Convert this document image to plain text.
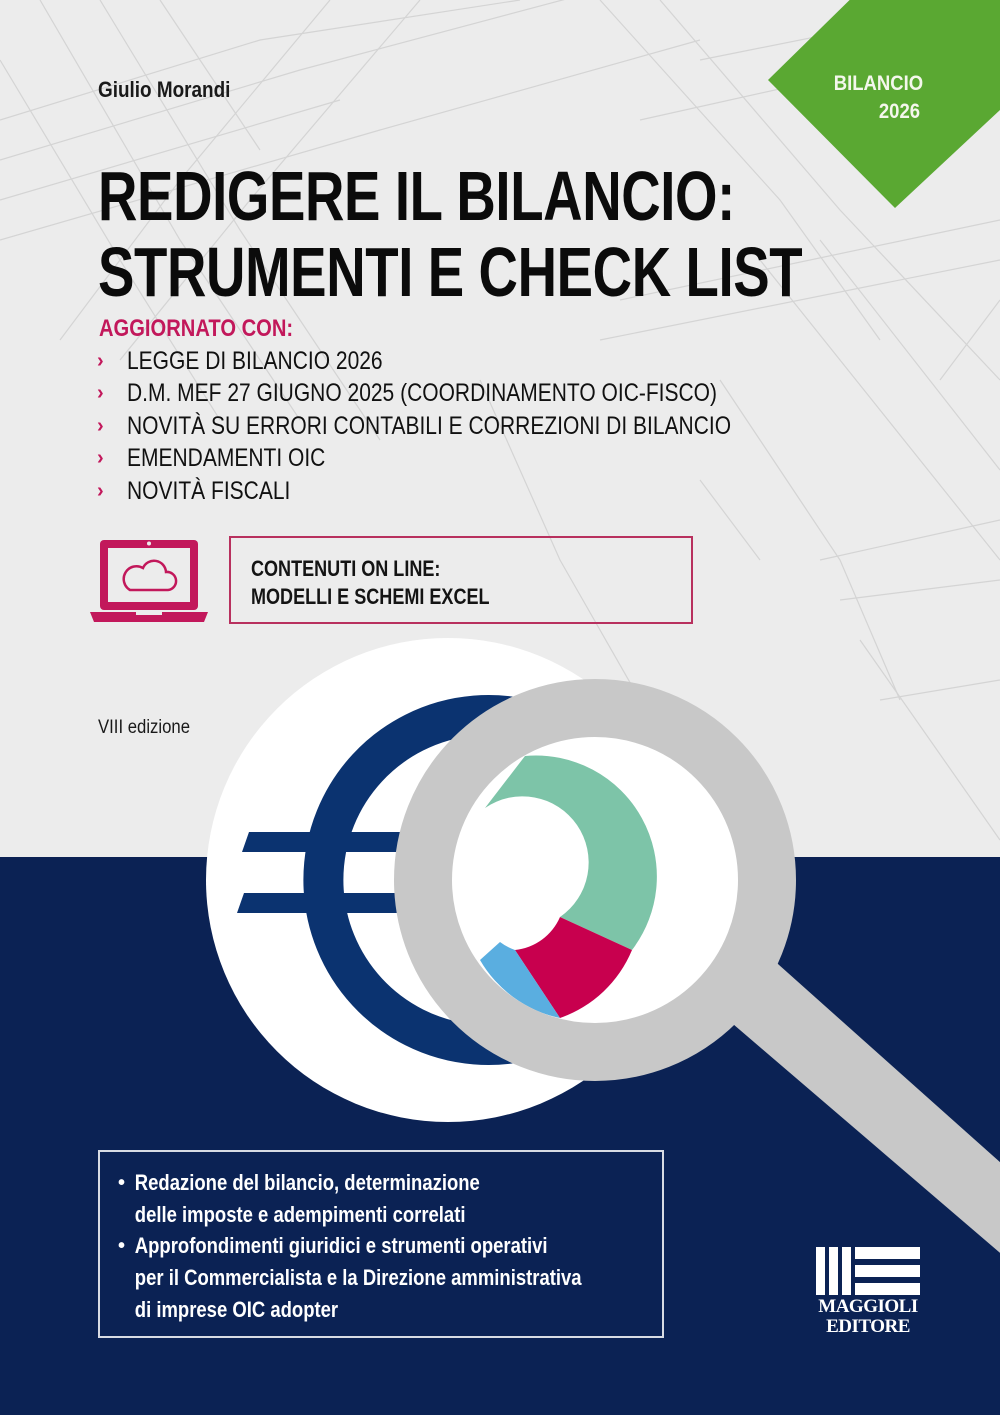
Giulio Morandi	BILANCIO
2026
REDIGERE IL BILANCIO:
STRUMENTI E CHECK LIST
AGGIORNATO CON:
› LEGGE DI BILANCIO 2026
› D.M. MEF 27 GIUGNO 2025 (COORDINAMENTO OIC-FISCO)
› NOVITÀ SU ERRORI CONTABILI E CORREZIONI DI BILANCIO
› EMENDAMENTI OIC
› NOVITÀ FISCALI
CONTENUTI ON LINE:
MODELLI E SCHEMI EXCEL
VIII edizione
• Redazione del bilancio, determinazione
delle imposte e adempimenti correlati
• Approfondimenti giuridici e strumenti operativi
per il Commercialista e la Direzione amministrativa
di imprese OIC adopter	MAGGIOLI
EDITORE
